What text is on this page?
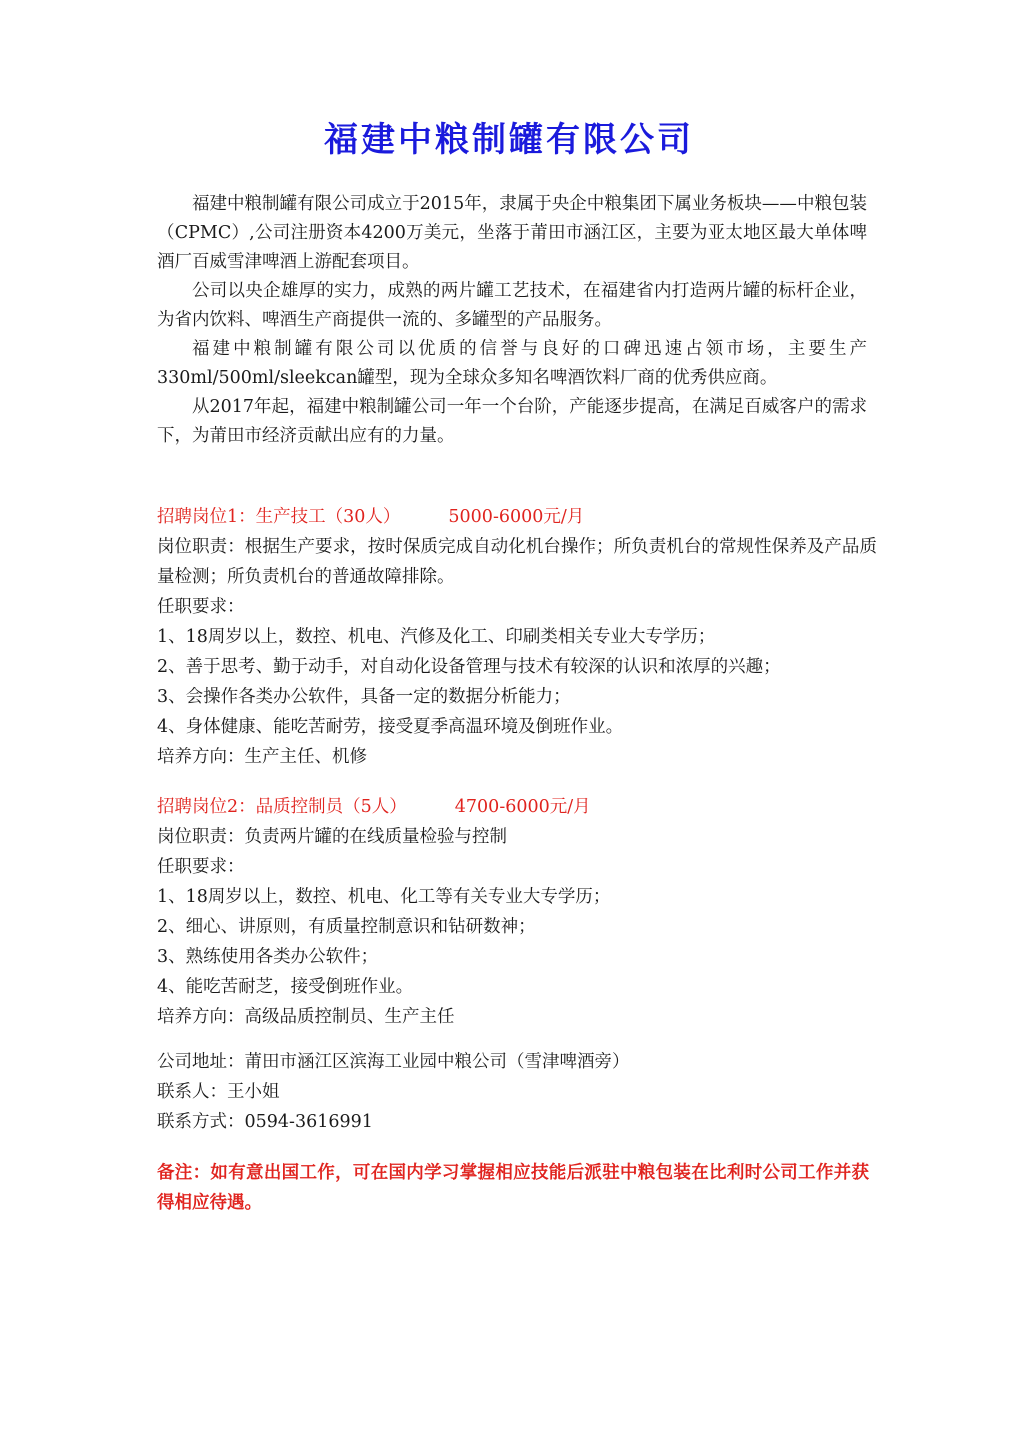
福建中粮制罐有限公司

福建中粮制罐有限公司成立于2015年，隶属于央企中粮集团下属业务板块——中粮包装（CPMC）,公司注册资本4200万美元，坐落于莆田市涵江区，主要为亚太地区最大单体啤酒厂百威雪津啤酒上游配套项目。

公司以央企雄厚的实力，成熟的两片罐工艺技术，在福建省内打造两片罐的标杆企业，为省内饮料、啤酒生产商提供一流的、多罐型的产品服务。

福建中粮制罐有限公司以优质的信誉与良好的口碑迅速占领市场，主要生产330ml/500ml/sleekcan罐型，现为全球众多知名啤酒饮料厂商的优秀供应商。

从2017年起，福建中粮制罐公司一年一个台阶，产能逐步提高，在满足百威客户的需求下，为莆田市经济贡献出应有的力量。

招聘岗位1：生产技工（30人）	5000-6000元/月
岗位职责：根据生产要求，按时保质完成自动化机台操作；所负责机台的常规性保养及产品质量检测；所负责机台的普通故障排除。
任职要求：
1、18周岁以上，数控、机电、汽修及化工、印刷类相关专业大专学历；
2、善于思考、勤于动手，对自动化设备管理与技术有较深的认识和浓厚的兴趣；
3、会操作各类办公软件，具备一定的数据分析能力；
4、身体健康、能吃苦耐劳，接受夏季高温环境及倒班作业。
培养方向：生产主任、机修
招聘岗位2：品质控制员（5人）	4700-6000元/月
岗位职责：负责两片罐的在线质量检验与控制
任职要求：
1、18周岁以上，数控、机电、化工等有关专业大专学历；
2、细心、讲原则，有质量控制意识和钻研数神；
3、熟练使用各类办公软件；
4、能吃苦耐芝，接受倒班作业。
培养方向：高级品质控制员、生产主任
公司地址：莆田市涵江区滨海工业园中粮公司（雪津啤酒旁）
联系人：王小姐
联系方式：0594-3616991
备注：如有意出国工作，可在国内学习掌握相应技能后派驻中粮包装在比利时公司工作并获得相应待遇。
